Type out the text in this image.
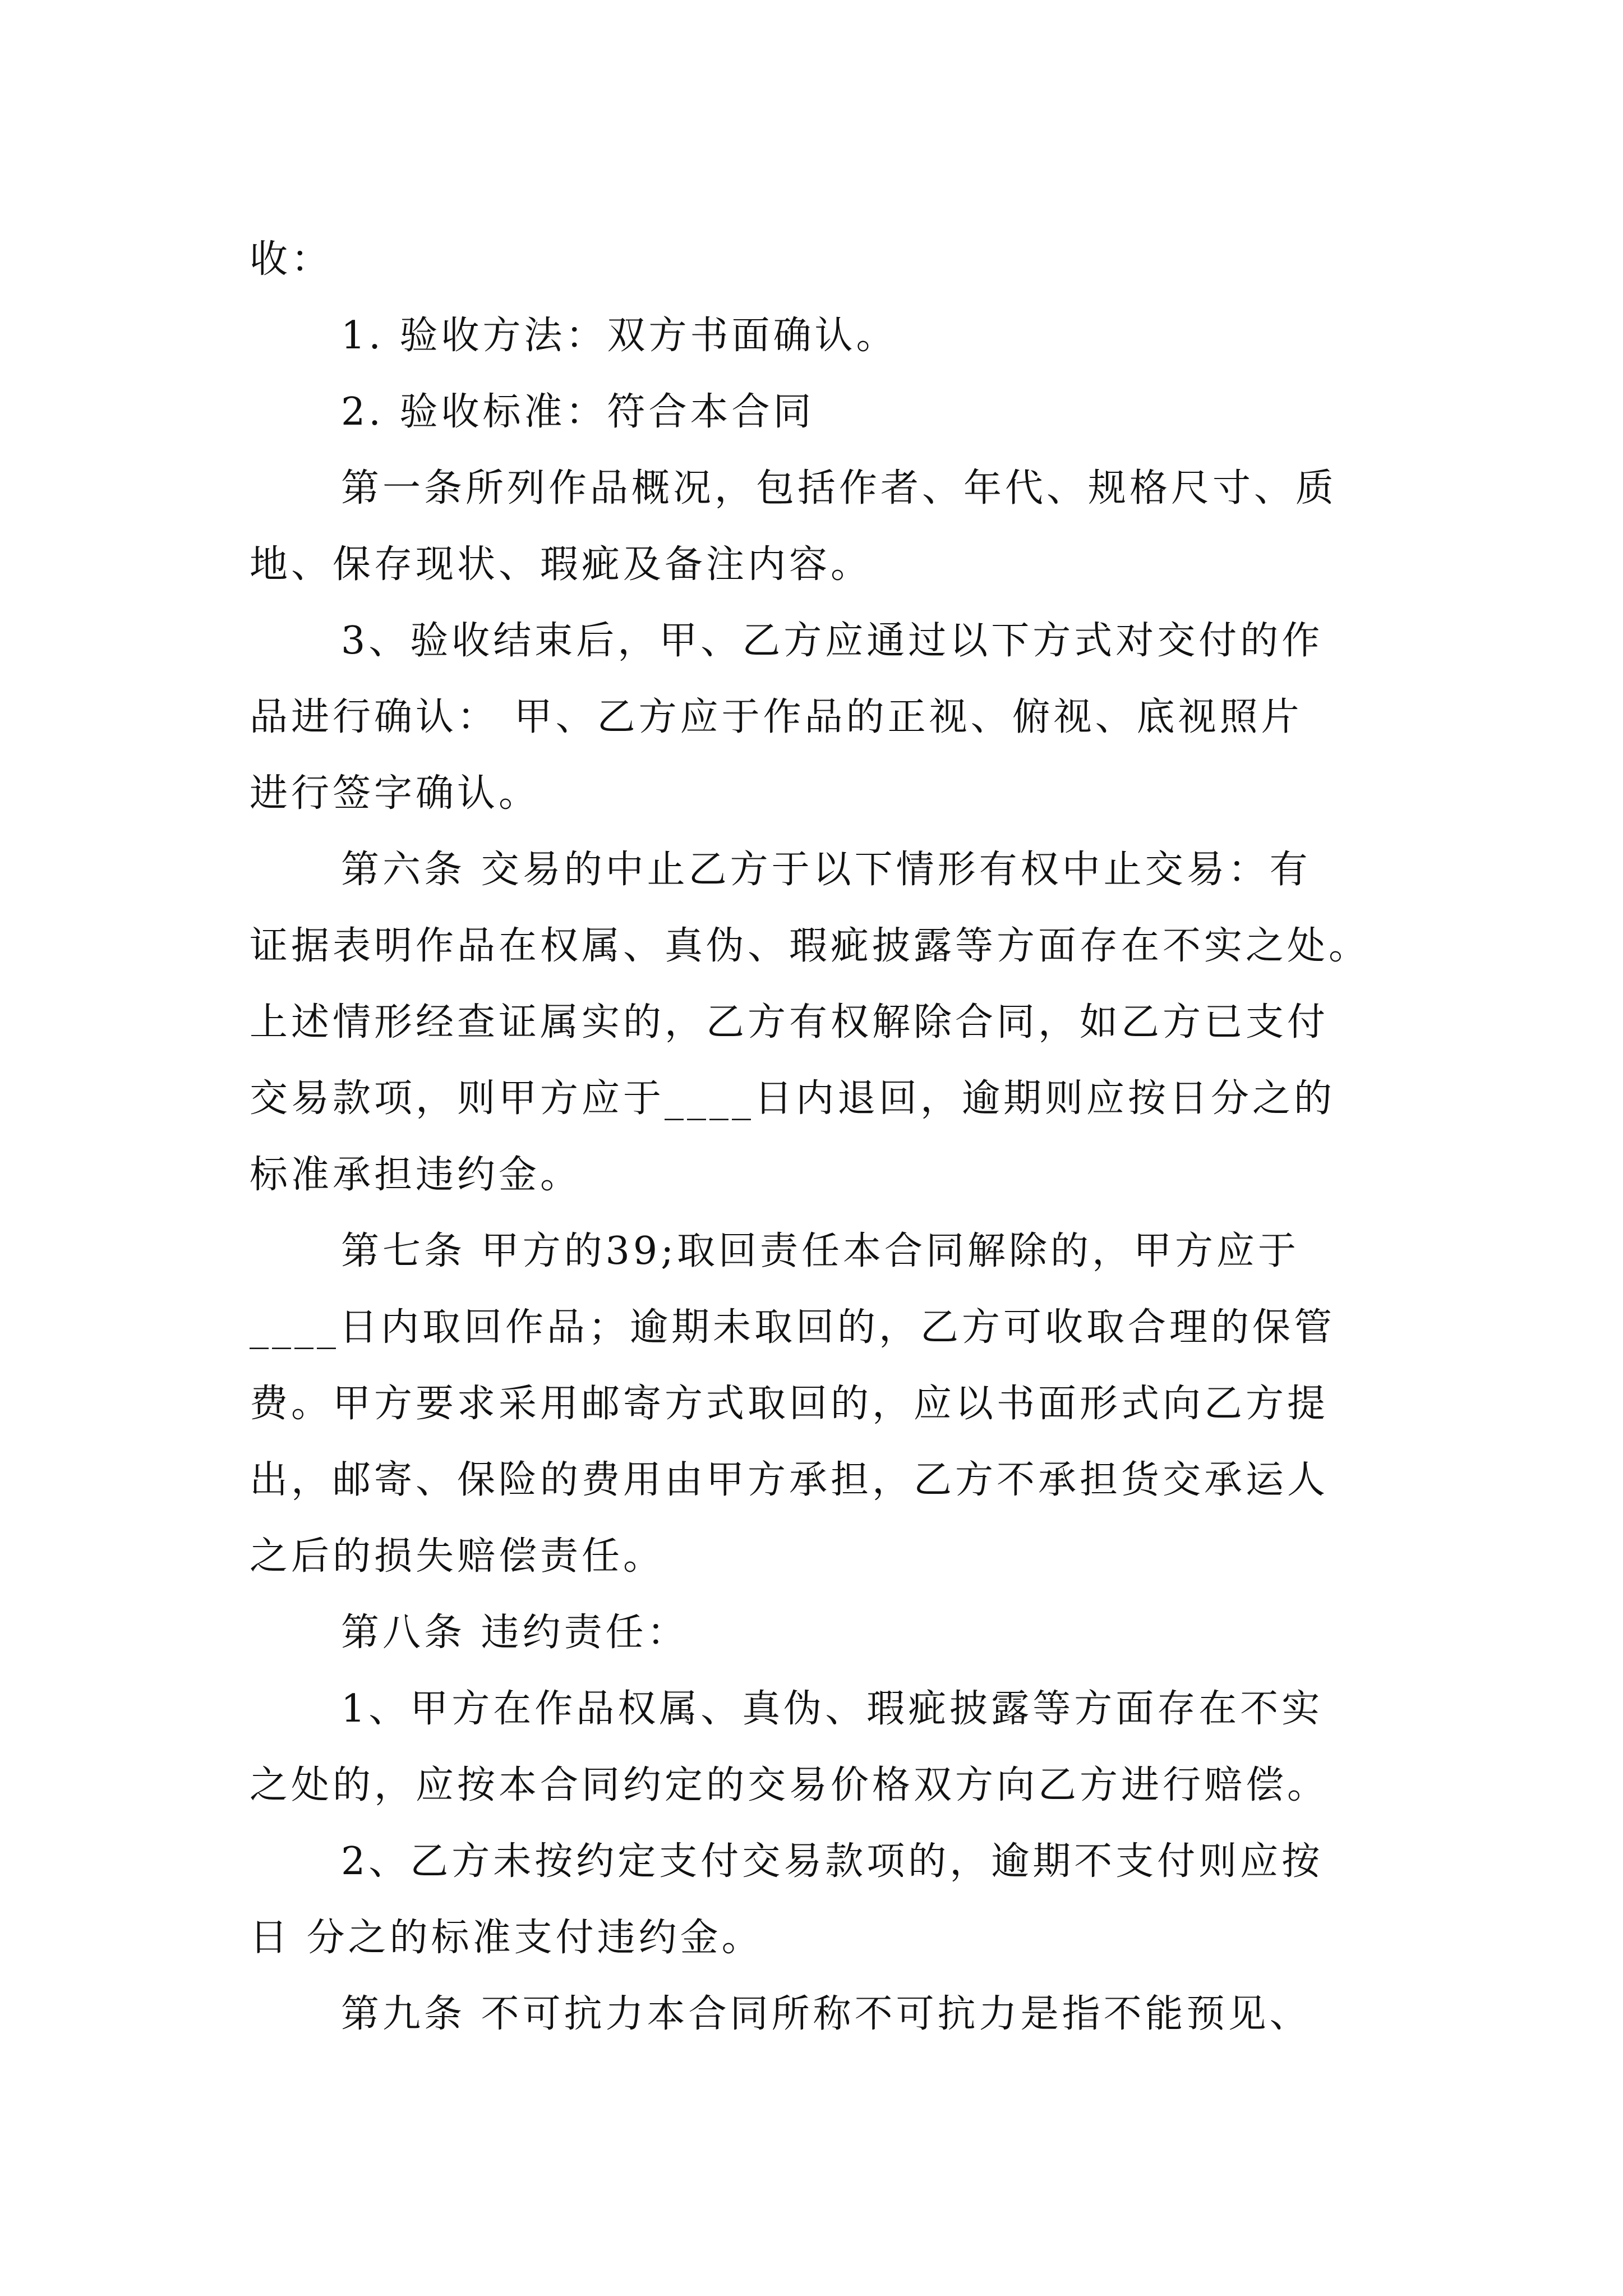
收：
1. 验收方法：双方书面确认。
2. 验收标准：符合本合同
第一条所列作品概况，包括作者、年代、规格尺寸、质
地、保存现状、瑕疵及备注内容。
3、验收结束后，甲、乙方应通过以下方式对交付的作
品进行确认： 甲、乙方应于作品的正视、俯视、底视照片
进行签字确认。
第六条 交易的中止乙方于以下情形有权中止交易：有
证据表明作品在权属、真伪、瑕疵披露等方面存在不实之处。
上述情形经查证属实的，乙方有权解除合同，如乙方已支付
交易款项，则甲方应于____日内退回，逾期则应按日分之的
标准承担违约金。
第七条 甲方的39;取回责任本合同解除的，甲方应于
____日内取回作品；逾期未取回的，乙方可收取合理的保管
费。甲方要求采用邮寄方式取回的，应以书面形式向乙方提
出，邮寄、保险的费用由甲方承担，乙方不承担货交承运人
之后的损失赔偿责任。
第八条 违约责任：
1、甲方在作品权属、真伪、瑕疵披露等方面存在不实
之处的，应按本合同约定的交易价格双方向乙方进行赔偿。
2、乙方未按约定支付交易款项的，逾期不支付则应按
日 分之的标准支付违约金。
第九条 不可抗力本合同所称不可抗力是指不能预见、
